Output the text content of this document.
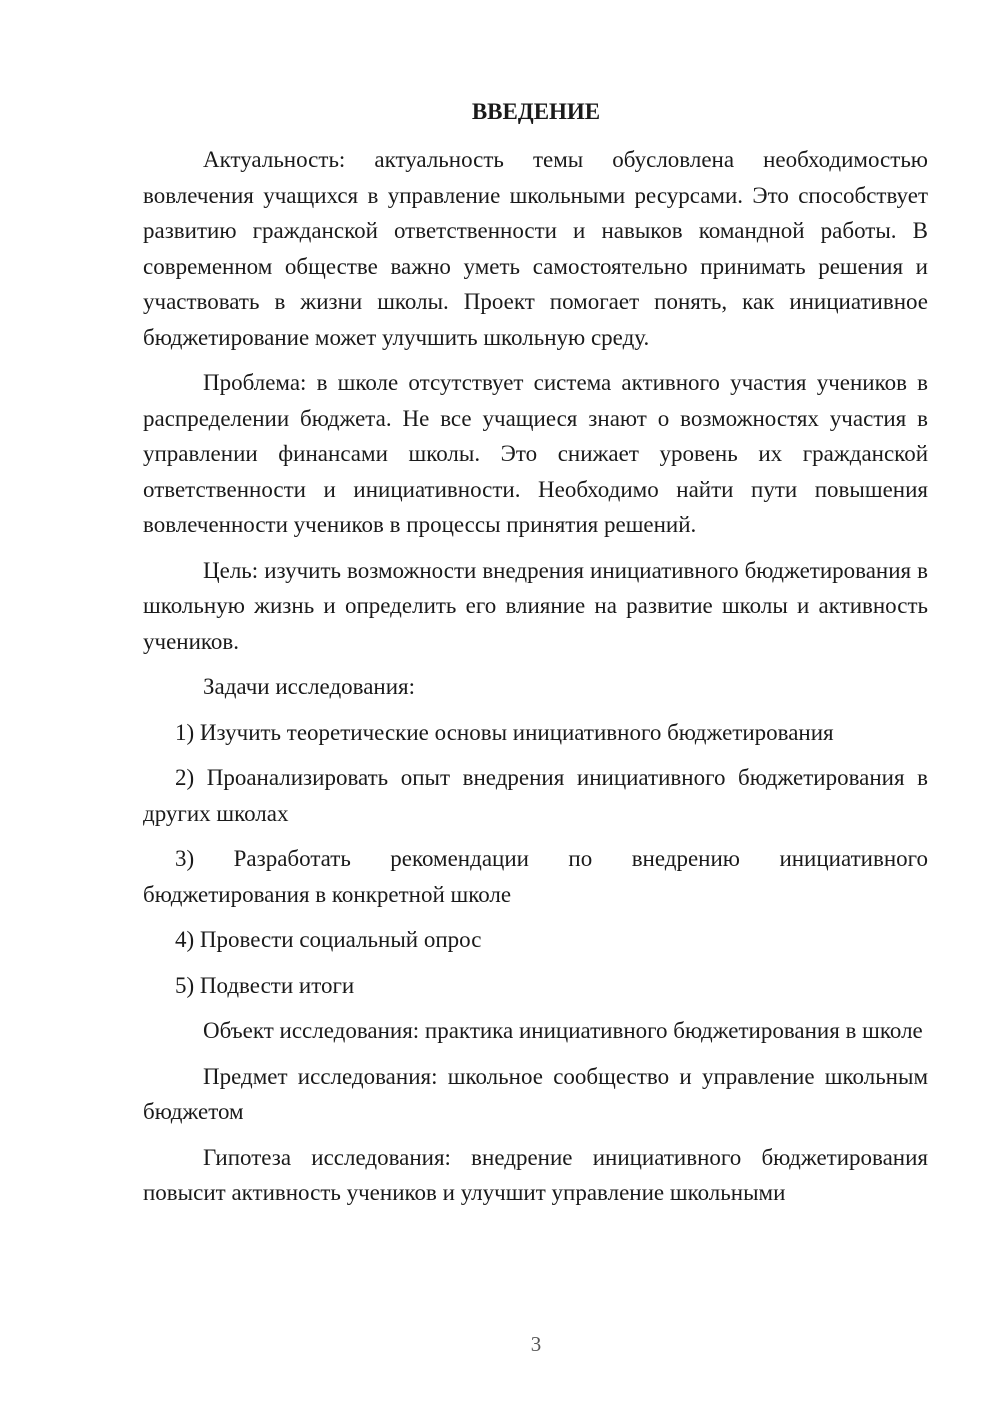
ВВЕДЕНИЕ

Актуальность: актуальность темы обусловлена необходимостью вовлечения учащихся в управление школьными ресурсами. Это способствует развитию гражданской ответственности и навыков командной работы. В современном обществе важно уметь самостоятельно принимать решения и участвовать в жизни школы. Проект помогает понять, как инициативное бюджетирование может улучшить школьную среду.

Проблема: в школе отсутствует система активного участия учеников в распределении бюджета. Не все учащиеся знают о возможностях участия в управлении финансами школы. Это снижает уровень их гражданской ответственности и инициативности. Необходимо найти пути повышения вовлеченности учеников в процессы принятия решений.

Цель: изучить возможности внедрения инициативного бюджетирования в школьную жизнь и определить его влияние на развитие школы и активность учеников.

Задачи исследования:

1) Изучить теоретические основы инициативного бюджетирования

2) Проанализировать опыт внедрения инициативного бюджетирования в других школах

3) Разработать рекомендации по внедрению инициативного бюджетирования в конкретной школе

4) Провести социальный опрос

5) Подвести итоги

Объект исследования: практика инициативного бюджетирования в школе

Предмет исследования: школьное сообщество и управление школьным бюджетом

Гипотеза исследования: внедрение инициативного бюджетирования повысит активность учеников и улучшит управление школьными

3
